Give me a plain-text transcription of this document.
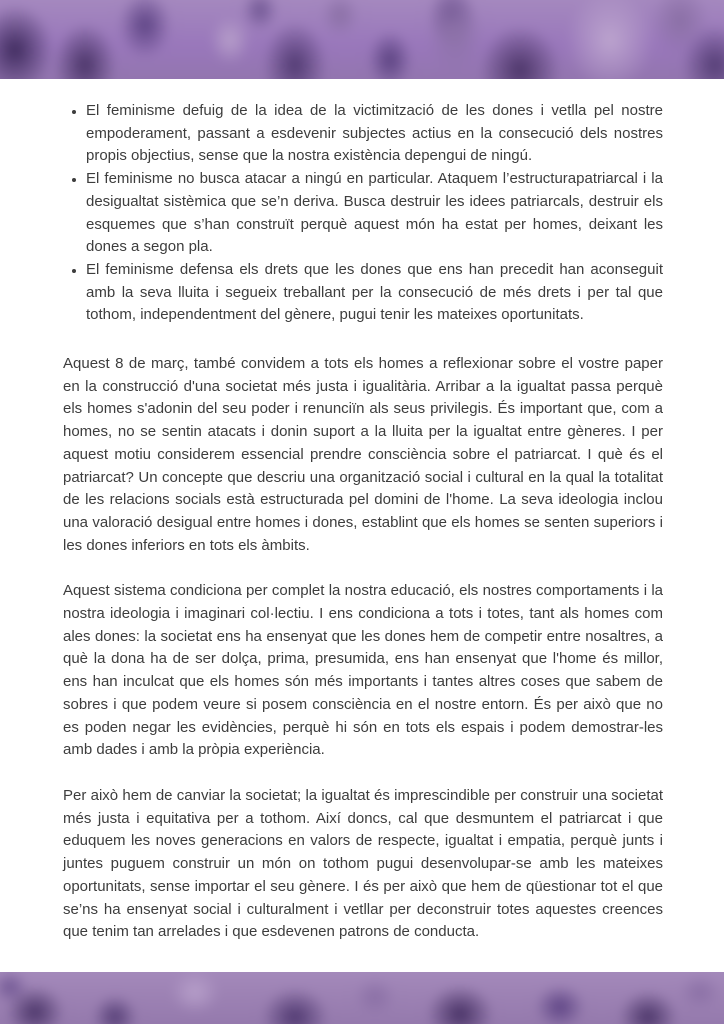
• El feminisme defuig de la idea de la victimització de les dones i vetlla pel nostre empoderament, passant a esdevenir subjectes actius en la consecució dels nostres propis objectius, sense que la nostra existència depengui de ningú.
• El feminisme no busca atacar a ningú en particular. Ataquem l’estructurapatriarcal i la desigualtat sistèmica que se’n deriva. Busca destruir les idees patriarcals, destruir els esquemes que s’han construït perquè aquest món ha estat per homes, deixant les dones a segon pla.
• El feminisme defensa els drets que les dones que ens han precedit han aconseguit amb la seva lluita i segueix treballant per la consecució de més drets i per tal que tothom, independentment del gènere, pugui tenir les mateixes oportunitats.

Aquest 8 de març, també convidem a tots els homes a reflexionar sobre el vostre paper en la construcció d'una societat més justa i igualitària. Arribar a la igualtat passa perquè els homes s'adonin del seu poder i renunciïn als seus privilegis. És important que, com a homes, no se sentin atacats i donin suport a la lluita per la igualtat entre gèneres. I per aquest motiu considerem essencial prendre consciència sobre el patriarcat. I què és el patriarcat? Un concepte que descriu una organització social i cultural en la qual la totalitat de les relacions socials està estructurada pel domini de l'home. La seva ideologia inclou una valoració desigual entre homes i dones, establint que els homes se senten superiors i les dones inferiors en tots els àmbits.

Aquest sistema condiciona per complet la nostra educació, els nostres comportaments i la nostra ideologia i imaginari col·lectiu. I ens condiciona a tots i totes, tant als homes com ales dones: la societat ens ha ensenyat que les dones hem de competir entre nosaltres, a què la dona ha de ser dolça, prima, presumida, ens han ensenyat que l'home és millor, ens han inculcat que els homes són més importants i tantes altres coses que sabem de sobres i que podem veure si posem consciència en el nostre entorn. És per això que no es poden negar les evidències, perquè hi són en tots els espais i podem demostrar-les amb dades i amb la pròpia experiència.

Per això hem de canviar la societat; la igualtat és imprescindible per construir una societat més justa i equitativa per a tothom. Així doncs, cal que desmuntem el patriarcat i que eduquem les noves generacions en valors de respecte, igualtat i empatia, perquè junts i juntes puguem construir un món on tothom pugui desenvolupar-se amb les mateixes oportunitats, sense importar el seu gènere. I és per això que hem de qüestionar tot el que se’ns ha ensenyat social i culturalment i vetllar per deconstruir totes aquestes creences que tenim tan arrelades i que esdevenen patrons de conducta.
